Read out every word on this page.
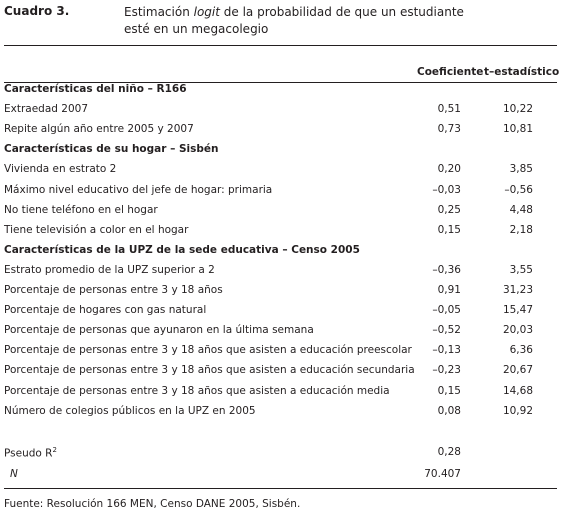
Cuadro 3.	Estimación logit de la probabilidad de que un estudiante esté en un megacolegio
Coeficiente t–estadístico
Características del niño – R166
Extraedad 2007	0,51	10,22
Repite algún año entre 2005 y 2007	0,73	10,81
Características de su hogar – Sisbén
Vivienda en estrato 2	0,20	3,85
Máximo nivel educativo del jefe de hogar: primaria	–0,03	–0,56
No tiene teléfono en el hogar	0,25	4,48
Tiene televisión a color en el hogar	0,15	2,18
Características de la UPZ de la sede educativa – Censo 2005
Estrato promedio de la UPZ superior a 2	–0,36	3,55
Porcentaje de personas entre 3 y 18 años	0,91	31,23
Porcentaje de hogares con gas natural	–0,05	15,47
Porcentaje de personas que ayunaron en la última semana	–0,52	20,03
Porcentaje de personas entre 3 y 18 años que asisten a educación preescolar –0,13	6,36
Porcentaje de personas entre 3 y 18 años que asisten a educación secundaria –0,23	20,67
Porcentaje de personas entre 3 y 18 años que asisten a educación media	0,15	14,68
Número de colegios públicos en la UPZ en 2005	0,08	10,92
Pseudo $R^2$	0,28
N	70.407
Fuente: Resolución 166 MEN, Censo DANE 2005, Sisbén.
